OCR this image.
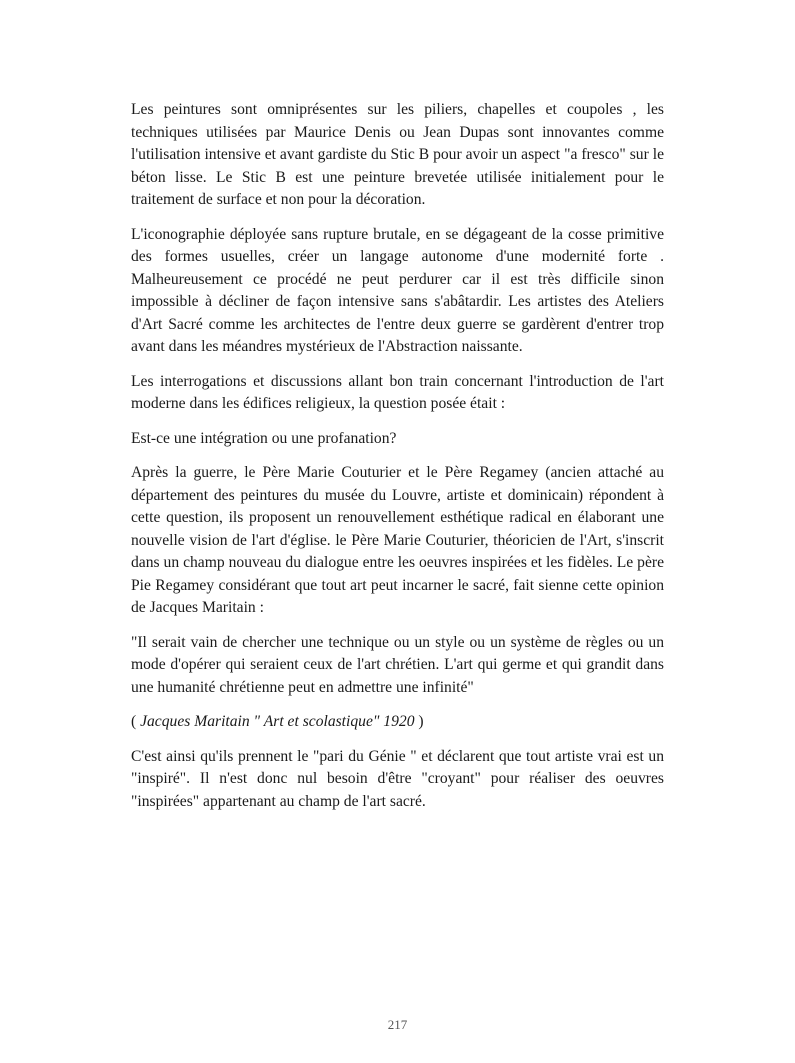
Les peintures sont omniprésentes sur les piliers, chapelles et coupoles , les techniques utilisées par Maurice Denis ou Jean Dupas sont innovantes comme l'utilisation intensive et avant gardiste du Stic B pour avoir un aspect "a fresco" sur le béton lisse. Le Stic B est une peinture brevetée utilisée initialement pour le traitement de surface et non pour la décoration.

L'iconographie déployée sans rupture brutale, en se dégageant de la cosse primitive des formes usuelles, créer un langage autonome d'une modernité forte . Malheureusement ce procédé ne peut perdurer car il est très difficile sinon impossible à décliner de façon intensive sans s'abâtardir. Les artistes des Ateliers d'Art Sacré comme les architectes de l'entre deux guerre se gardèrent d'entrer trop avant dans les méandres mystérieux de l'Abstraction naissante.

Les interrogations et discussions allant bon train concernant l'introduction de l'art moderne dans les édifices religieux, la question posée était :

Est-ce une intégration ou une profanation?

Après la guerre, le Père Marie Couturier et le Père Regamey (ancien attaché au département des peintures du musée du Louvre, artiste et dominicain) répondent à cette question, ils proposent un renouvellement esthétique radical en élaborant une nouvelle vision de l'art d'église. le Père Marie Couturier, théoricien de l'Art, s'inscrit dans un champ nouveau du dialogue entre les oeuvres inspirées et les fidèles. Le père Pie Regamey considérant que tout art peut incarner le sacré, fait sienne cette opinion de Jacques Maritain :

"Il serait vain de chercher une technique ou un style ou un système de règles ou un mode d'opérer qui seraient ceux de l'art chrétien. L'art qui germe et qui grandit dans une humanité chrétienne peut en admettre une infinité"

( Jacques Maritain " Art et scolastique" 1920 )

C'est ainsi qu'ils prennent le "pari du Génie " et déclarent que tout artiste vrai est un "inspiré". Il n'est donc nul besoin d'être "croyant" pour réaliser des oeuvres "inspirées" appartenant au champ de l'art sacré.

217
